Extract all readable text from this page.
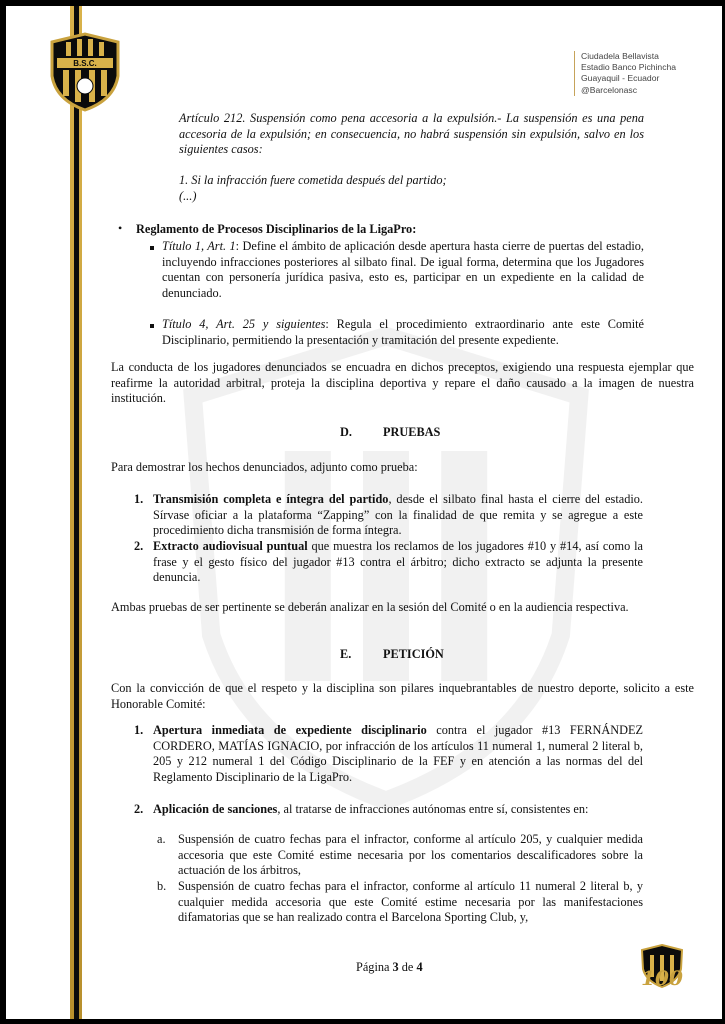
B.S.C.
Ciudadela Bellavista
Estadio Banco Pichincha
Guayaquil - Ecuador
@Barcelonasc
Artículo 212. Suspensión como pena accesoria a la expulsión.- La suspensión es una pena accesoria de la expulsión; en consecuencia, no habrá suspensión sin expulsión, salvo en los siguientes casos:
1. Si la infracción fuere cometida después del partido;
(...)
• Reglamento de Procesos Disciplinarios de la LigaPro:
Título 1, Art. 1: Define el ámbito de aplicación desde apertura hasta cierre de puertas del estadio, incluyendo infracciones posteriores al silbato final. De igual forma, determina que los Jugadores cuentan con personería jurídica pasiva, esto es, participar en un expediente en la calidad de denunciado.
Título 4, Art. 25 y siguientes: Regula el procedimiento extraordinario ante este Comité Disciplinario, permitiendo la presentación y tramitación del presente expediente.
La conducta de los jugadores denunciados se encuadra en dichos preceptos, exigiendo una respuesta ejemplar que reafirme la autoridad arbitral, proteja la disciplina deportiva y repare el daño causado a la imagen de nuestra institución.
D.	PRUEBAS
Para demostrar los hechos denunciados, adjunto como prueba:
1. Transmisión completa e íntegra del partido, desde el silbato final hasta el cierre del estadio. Sírvase oficiar a la plataforma “Zapping” con la finalidad de que remita y se agregue a este procedimiento dicha transmisión de forma íntegra.
2. Extracto audiovisual puntual que muestra los reclamos de los jugadores #10 y #14, así como la frase y el gesto físico del jugador #13 contra el árbitro; dicho extracto se adjunta la presente denuncia.
Ambas pruebas de ser pertinente se deberán analizar en la sesión del Comité o en la audiencia respectiva.
E.	PETICIÓN
Con la convicción de que el respeto y la disciplina son pilares inquebrantables de nuestro deporte, solicito a este Honorable Comité:
1. Apertura inmediata de expediente disciplinario contra el jugador #13 FERNÁNDEZ CORDERO, MATÍAS IGNACIO, por infracción de los artículos 11 numeral 1, numeral 2 literal b, 205 y 212 numeral 1 del Código Disciplinario de la FEF y en atención a las normas del del Reglamento Disciplinario de la LigaPro.
2. Aplicación de sanciones, al tratarse de infracciones autónomas entre sí, consistentes en:
a. Suspensión de cuatro fechas para el infractor, conforme al artículo 205, y cualquier medida accesoria que este Comité estime necesaria por los comentarios descalificadores sobre la actuación de los árbitros,
b. Suspensión de cuatro fechas para el infractor, conforme al artículo 11 numeral 2 literal b, y cualquier medida accesoria que este Comité estime necesaria por las manifestaciones difamatorias que se han realizado contra el Barcelona Sporting Club, y,
Página 3 de 4	100
